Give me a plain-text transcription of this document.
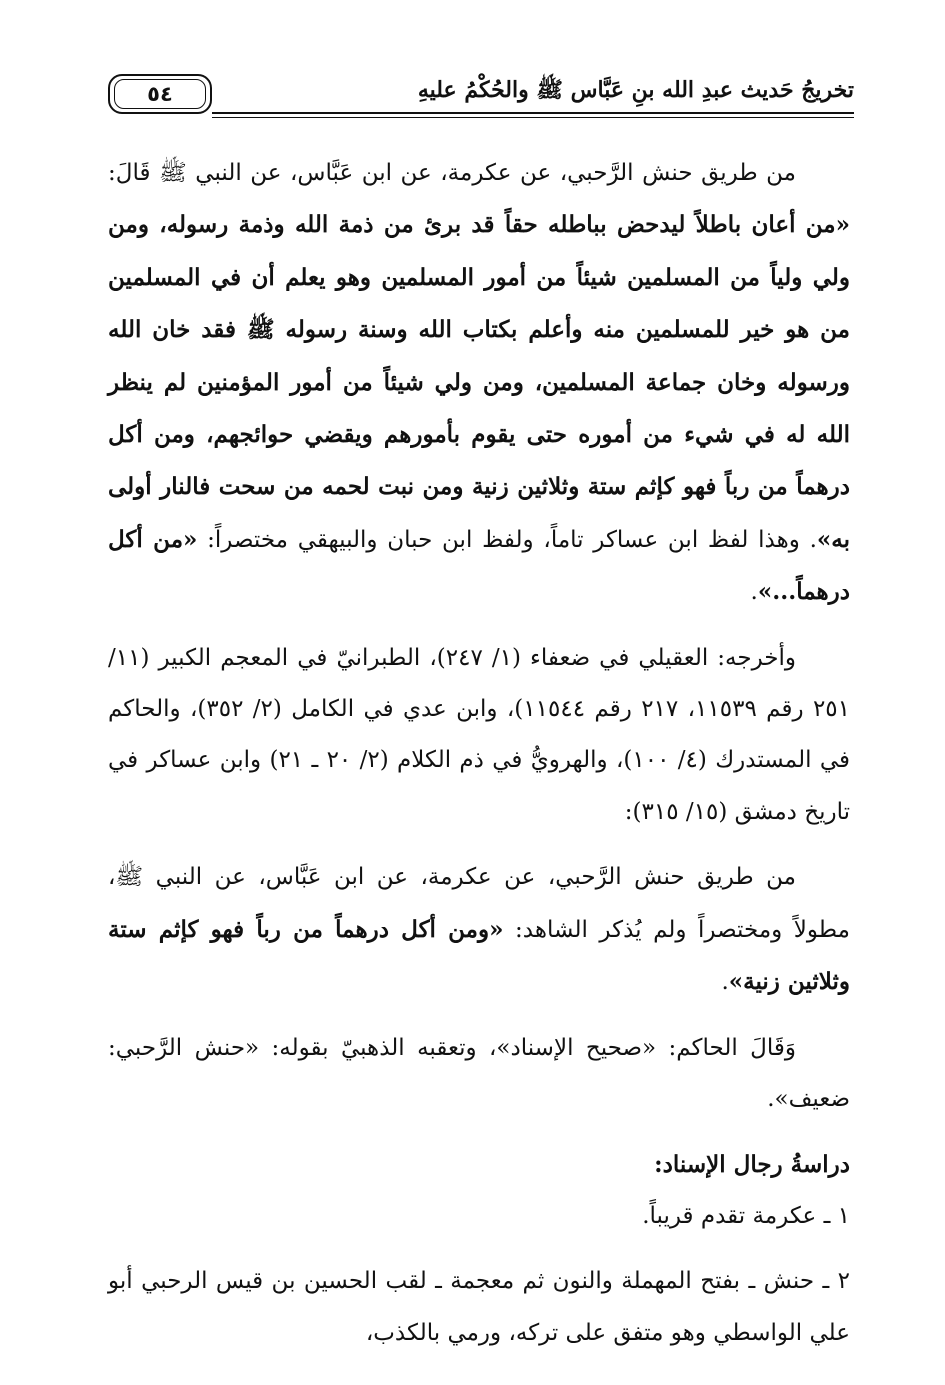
تخريجُ حَديث عبدِ الله بنِ عَبَّاس ﷺ والحُكْمُ عليهِ
٥٤

من طريق حنش الرَّحبي، عن عكرمة، عن ابن عَبَّاس، عن النبي ﷺ قَالَ: «من أعان باطلاً ليدحض بباطله حقاً قد برئ من ذمة الله وذمة رسوله، ومن ولي ولياً من المسلمين شيئاً من أمور المسلمين وهو يعلم أن في المسلمين من هو خير للمسلمين منه وأعلم بكتاب الله وسنة رسوله ﷺ فقد خان الله ورسوله وخان جماعة المسلمين، ومن ولي شيئاً من أمور المؤمنين لم ينظر الله له في شيء من أموره حتى يقوم بأمورهم ويقضي حوائجهم، ومن أكل درهماً من رباً فهو كإثم ستة وثلاثين زنية ومن نبت لحمه من سحت فالنار أولى به». وهذا لفظ ابن عساكر تاماً، ولفظ ابن حبان والبيهقي مختصراً: «من أكل درهماً...».

وأخرجه: العقيلي في ضعفاء (١/ ٢٤٧)، الطبرانيّ في المعجم الكبير (١١/ ٢٥١ رقم ١١٥٣٩، ٢١٧ رقم ١١٥٤٤)، وابن عدي في الكامل (٢/ ٣٥٢)، والحاكم في المستدرك (٤/ ١٠٠)، والهرويُّ في ذم الكلام (٢/ ٢٠ ـ ٢١) وابن عساكر في تاريخ دمشق (١٥/ ٣١٥):

من طريق حنش الرَّحبي، عن عكرمة، عن ابن عَبَّاس، عن النبي ﷺ، مطولاً ومختصراً ولم يُذكر الشاهد: «ومن أكل درهماً من رباً فهو كإثم ستة وثلاثين زنية».

وَقَالَ الحاكم: «صحيح الإسناد»، وتعقبه الذهبيّ بقوله: «حنش الرَّحبي: ضعيف».

دراسةُ رجال الإسناد:

١ ـ عكرمة تقدم قريباً.

٢ ـ حنش ـ بفتح المهملة والنون ثم معجمة ـ لقب الحسين بن قيس الرحبي أبو علي الواسطي وهو متفق على تركه، ورمي بالكذب،
